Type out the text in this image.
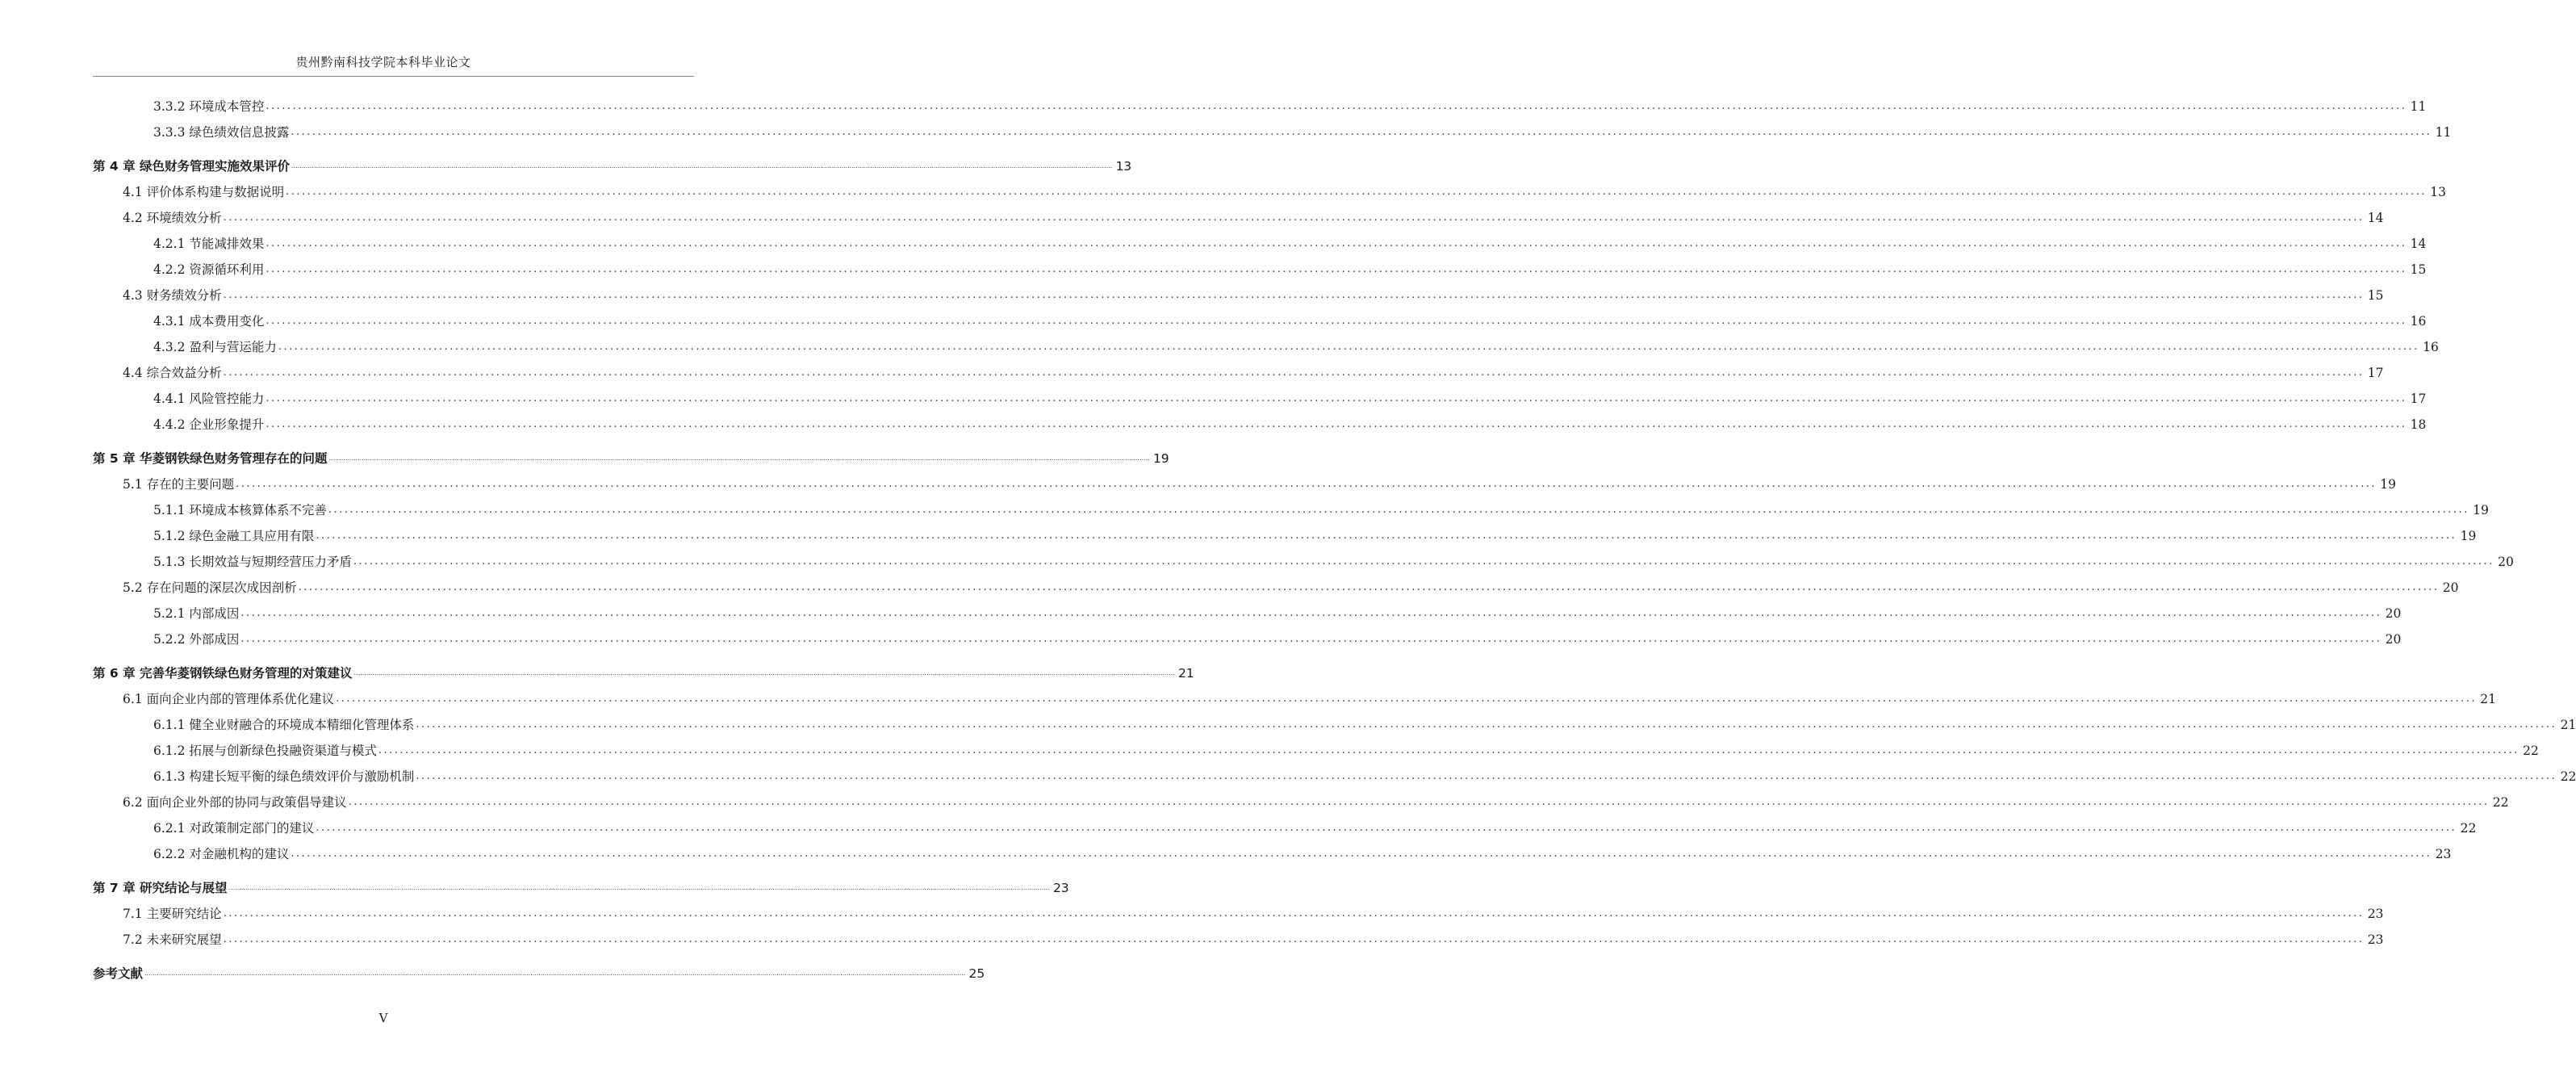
贵州黔南科技学院本科毕业论文
3.3.2 环境成本管控 ................................................................................................................................................................................................................................................................................................................................................................................................................ 11
3.3.3 绿色绩效信息披露 ................................................................................................................................................................................................................................................................................................................................................................................................................ 11
第 4 章 绿色财务管理实施效果评价 ................................................................................................................................................................................................................................................................................................................................................................................................................ 13
4.1 评价体系构建与数据说明 ................................................................................................................................................................................................................................................................................................................................................................................................................ 13
4.2 环境绩效分析 ................................................................................................................................................................................................................................................................................................................................................................................................................ 14
4.2.1 节能减排效果 ................................................................................................................................................................................................................................................................................................................................................................................................................ 14
4.2.2 资源循环利用 ................................................................................................................................................................................................................................................................................................................................................................................................................ 15
4.3 财务绩效分析 ................................................................................................................................................................................................................................................................................................................................................................................................................ 15
4.3.1 成本费用变化 ................................................................................................................................................................................................................................................................................................................................................................................................................ 16
4.3.2 盈利与营运能力 ................................................................................................................................................................................................................................................................................................................................................................................................................ 16
4.4 综合效益分析 ................................................................................................................................................................................................................................................................................................................................................................................................................ 17
4.4.1 风险管控能力 ................................................................................................................................................................................................................................................................................................................................................................................................................ 17
4.4.2 企业形象提升 ................................................................................................................................................................................................................................................................................................................................................................................................................ 18
第 5 章 华菱钢铁绿色财务管理存在的问题 ................................................................................................................................................................................................................................................................................................................................................................................................................ 19
5.1 存在的主要问题 ................................................................................................................................................................................................................................................................................................................................................................................................................ 19
5.1.1 环境成本核算体系不完善 ................................................................................................................................................................................................................................................................................................................................................................................................................ 19
5.1.2 绿色金融工具应用有限 ................................................................................................................................................................................................................................................................................................................................................................................................................ 19
5.1.3 长期效益与短期经营压力矛盾 ................................................................................................................................................................................................................................................................................................................................................................................................................ 20
5.2 存在问题的深层次成因剖析 ................................................................................................................................................................................................................................................................................................................................................................................................................ 20
5.2.1 内部成因 ................................................................................................................................................................................................................................................................................................................................................................................................................ 20
5.2.2 外部成因 ................................................................................................................................................................................................................................................................................................................................................................................................................ 20
第 6 章 完善华菱钢铁绿色财务管理的对策建议 ................................................................................................................................................................................................................................................................................................................................................................................................................ 21
6.1 面向企业内部的管理体系优化建议 ................................................................................................................................................................................................................................................................................................................................................................................................................ 21
6.1.1 健全业财融合的环境成本精细化管理体系 ................................................................................................................................................................................................................................................................................................................................................................................................................ 21
6.1.2 拓展与创新绿色投融资渠道与模式 ................................................................................................................................................................................................................................................................................................................................................................................................................ 22
6.1.3 构建长短平衡的绿色绩效评价与激励机制 ................................................................................................................................................................................................................................................................................................................................................................................................................ 22
6.2 面向企业外部的协同与政策倡导建议 ................................................................................................................................................................................................................................................................................................................................................................................................................ 22
6.2.1 对政策制定部门的建议 ................................................................................................................................................................................................................................................................................................................................................................................................................ 22
6.2.2 对金融机构的建议 ................................................................................................................................................................................................................................................................................................................................................................................................................ 23
第 7 章 研究结论与展望 ................................................................................................................................................................................................................................................................................................................................................................................................................ 23
7.1 主要研究结论 ................................................................................................................................................................................................................................................................................................................................................................................................................ 23
7.2 未来研究展望 ................................................................................................................................................................................................................................................................................................................................................................................................................ 23
参考文献 ................................................................................................................................................................................................................................................................................................................................................................................................................ 25
V
